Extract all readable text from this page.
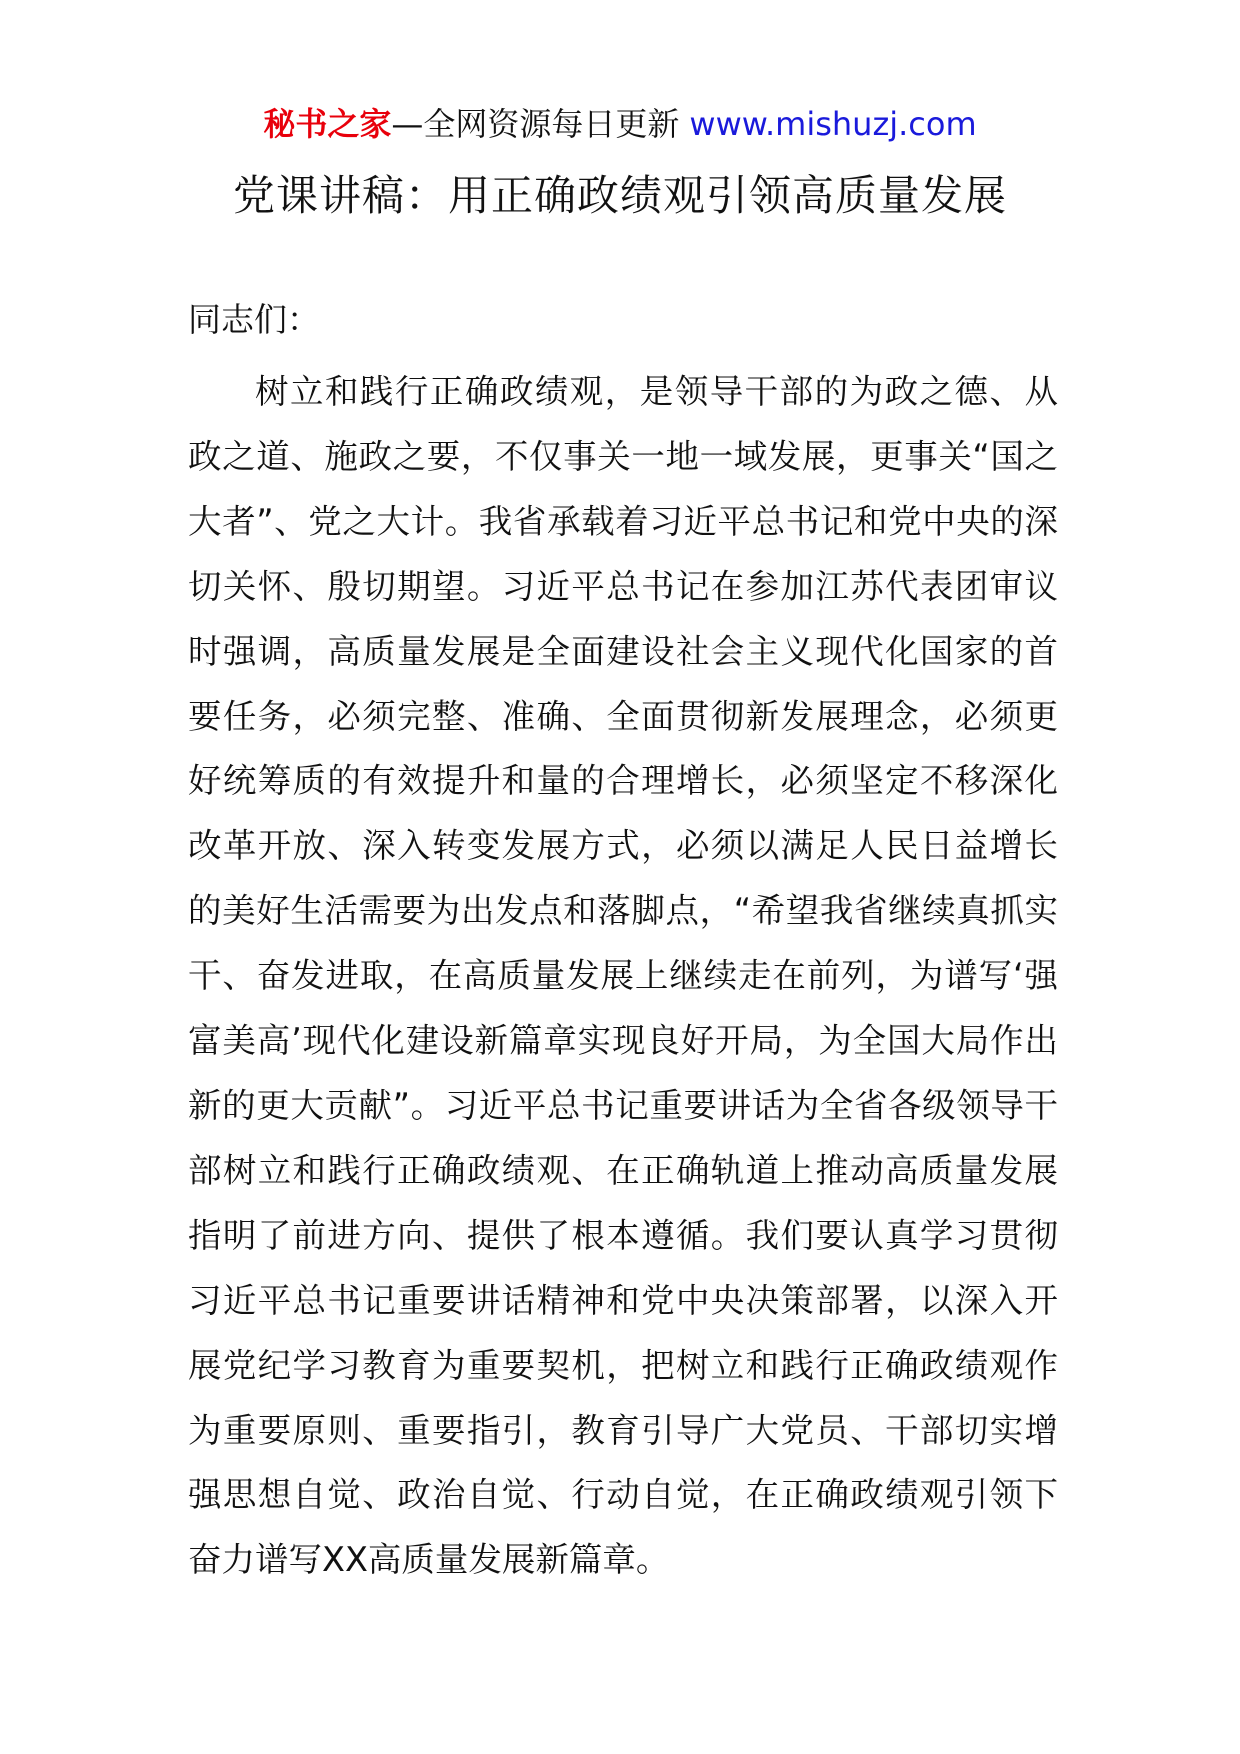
秘书之家—全网资源每日更新 www.mishuzj.com
党课讲稿：用正确政绩观引领高质量发展
同志们：

树立和践行正确政绩观，是领导干部的为政之德、从政之道、施政之要，不仅事关一地一域发展，更事关“国之大者”、党之大计。我省承载着习近平总书记和党中央的深切关怀、殷切期望。习近平总书记在参加江苏代表团审议时强调，高质量发展是全面建设社会主义现代化国家的首要任务，必须完整、准确、全面贯彻新发展理念，必须更好统筹质的有效提升和量的合理增长，必须坚定不移深化改革开放、深入转变发展方式，必须以满足人民日益增长的美好生活需要为出发点和落脚点，“希望我省继续真抓实干、奋发进取，在高质量发展上继续走在前列，为谱写‘强富美高’现代化建设新篇章实现良好开局，为全国大局作出新的更大贡献”。习近平总书记重要讲话为全省各级领导干部树立和践行正确政绩观、在正确轨道上推动高质量发展指明了前进方向、提供了根本遵循。我们要认真学习贯彻习近平总书记重要讲话精神和党中央决策部署，以深入开展党纪学习教育为重要契机，把树立和践行正确政绩观作为重要原则、重要指引，教育引导广大党员、干部切实增强思想自觉、政治自觉、行动自觉，在正确政绩观引领下奋力谱写XX高质量发展新篇章。
